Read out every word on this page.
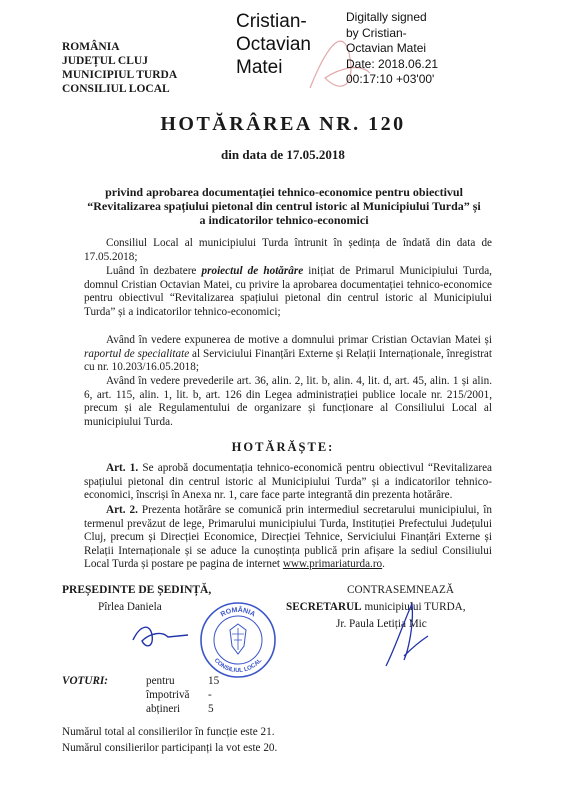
ROMÂNIA
JUDEȚUL CLUJ
MUNICIPIUL TURDA
CONSILIUL LOCAL
Cristian-
Octavian
Matei
Digitally signed
by Cristian-
Octavian Matei
Date: 2018.06.21
00:17:10 +03'00'
HOTĂRÂREA NR. 120
din data de 17.05.2018
privind aprobarea documentației tehnico-economice pentru obiectivul “Revitalizarea spațiului pietonal din centrul istoric al Municipiului Turda” și a indicatorilor tehnico-economici
Consiliul Local al municipiului Turda întrunit în ședința de îndată din data de 17.05.2018;
Luând în dezbatere proiectul de hotărâre inițiat de Primarul Municipiului Turda, domnul Cristian Octavian Matei, cu privire la aprobarea documentației tehnico-economice pentru obiectivul “Revitalizarea spațiului pietonal din centrul istoric al Municipiului Turda” și a indicatorilor tehnico-economici;
Având în vedere expunerea de motive a domnului primar Cristian Octavian Matei și raportul de specialitate al Serviciului Finanțări Externe și Relații Internaționale, înregistrat cu nr. 10.203/16.05.2018;
Având în vedere prevederile art. 36, alin. 2, lit. b, alin. 4, lit. d, art. 45, alin. 1 și alin. 6, art. 115, alin. 1, lit. b, art. 126 din Legea administrației publice locale nr. 215/2001, precum și ale Regulamentului de organizare și funcționare al Consiliului Local al municipiului Turda.
HOTĂRĂȘTE:
Art. 1. Se aprobă documentația tehnico-economică pentru obiectivul “Revitalizarea spațiului pietonal din centrul istoric al Municipiului Turda” și a indicatorilor tehnico-economici, înscriși în Anexa nr. 1, care face parte integrantă din prezenta hotărâre.
Art. 2. Prezenta hotărâre se comunică prin intermediul secretarului municipiului, în termenul prevăzut de lege, Primarului municipiului Turda, Instituției Prefectului Județului Cluj, precum și Direcției Economice, Direcției Tehnice, Serviciului Finanțări Externe și Relații Internaționale și se aduce la cunoștința publică prin afișare la sediul Consiliului Local Turda și postare pe pagina de internet www.primariaturda.ro.
PREȘEDINTE DE ȘEDINȚĂ,
Pîrlea Daniela
ROMÂNIA
CONSILIUL LOCAL
CONTRASEMNEAZĂ
SECRETARUL municipiului TURDA,
Jr. Paula Letiția Mic
VOTURI:	pentru	15
împotrivă -
abțineri 5
Numărul total al consilierilor în funcție este 21.
Numărul consilierilor participanți la vot este 20.
